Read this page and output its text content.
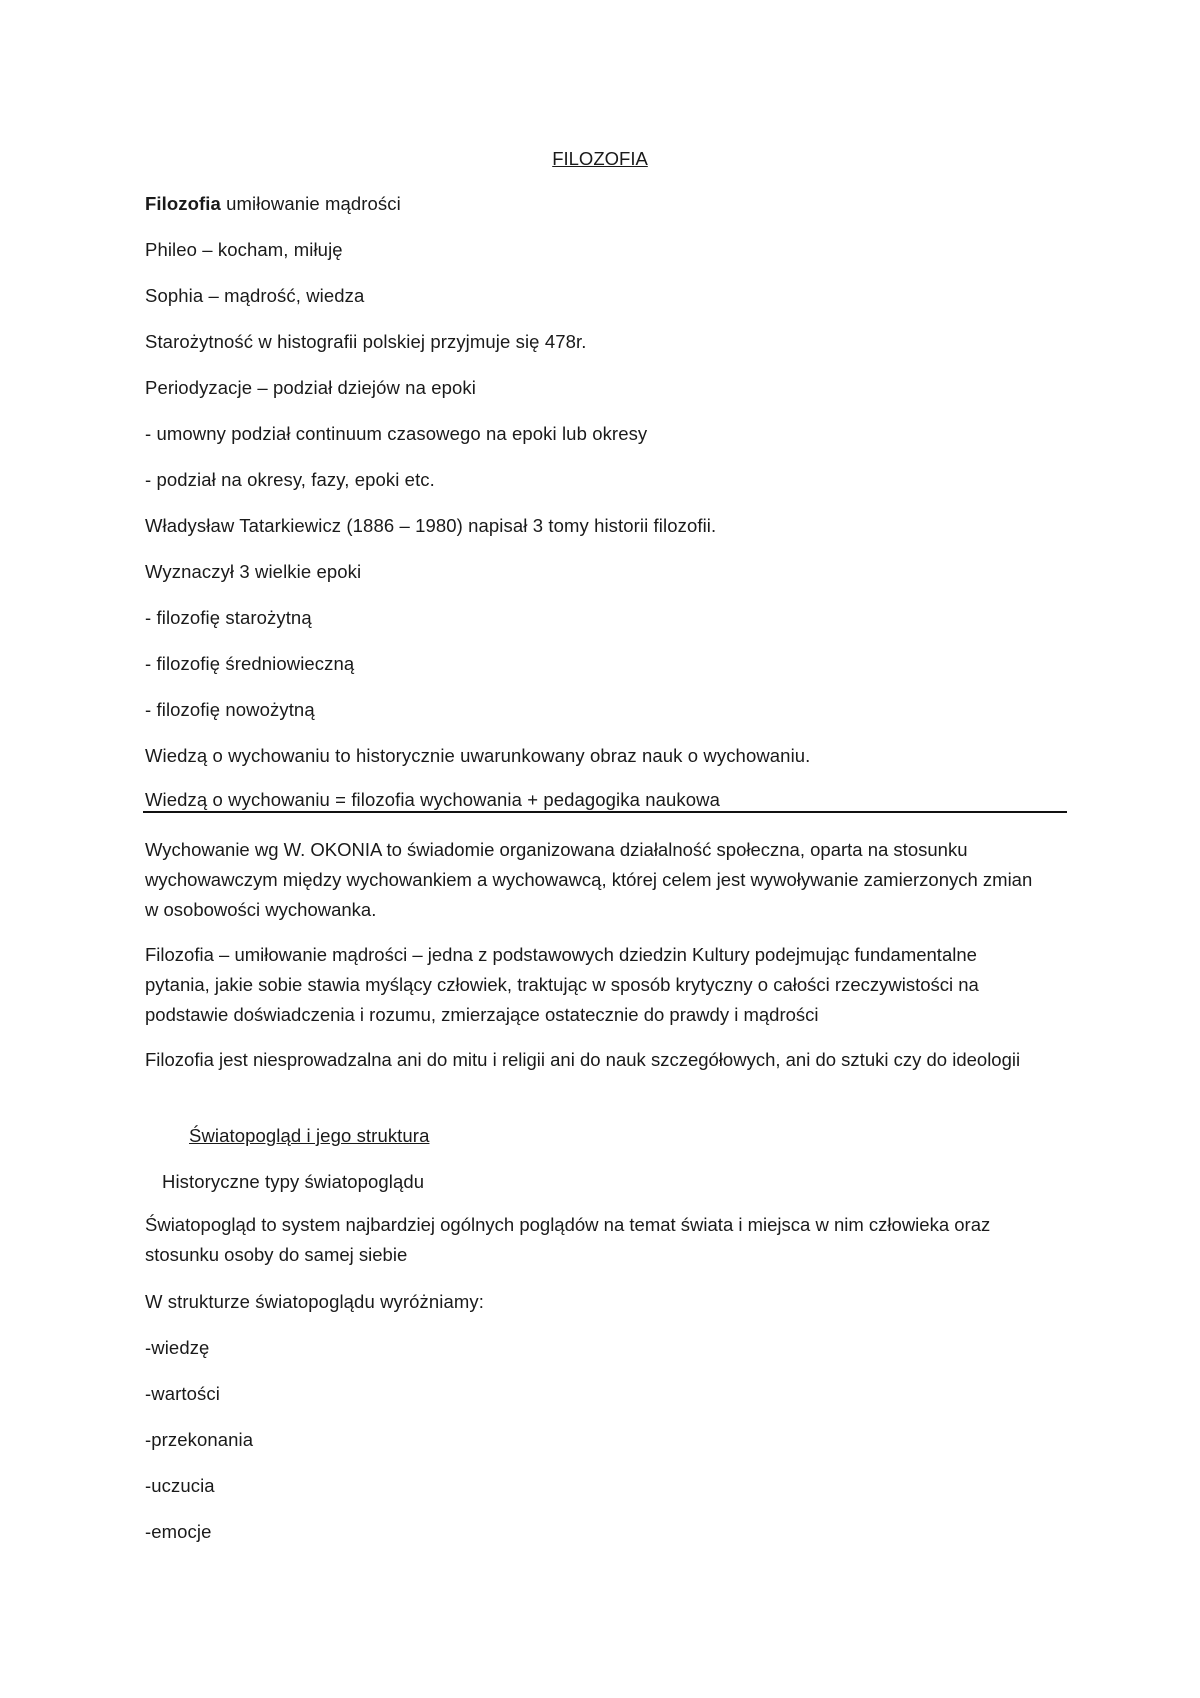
FILOZOFIA
Filozofia umiłowanie mądrości
Phileo – kocham, miłuję
Sophia – mądrość, wiedza
Starożytność w histografii polskiej przyjmuje się 478r.
Periodyzacje – podział dziejów na epoki
- umowny podział continuum czasowego na epoki lub okresy
- podział na okresy, fazy, epoki etc.
Władysław Tatarkiewicz (1886 – 1980) napisał 3 tomy historii filozofii.
Wyznaczył 3 wielkie epoki
- filozofię starożytną
- filozofię średniowieczną
- filozofię nowożytną
Wiedzą o wychowaniu to historycznie uwarunkowany obraz nauk o wychowaniu.
Wiedzą o wychowaniu = filozofia wychowania + pedagogika naukowa
Wychowanie wg W. OKONIA to świadomie organizowana działalność społeczna, oparta na stosunku wychowawczym między wychowankiem a wychowawcą, której celem jest wywoływanie zamierzonych zmian w osobowości wychowanka.
Filozofia – umiłowanie mądrości – jedna z podstawowych dziedzin Kultury podejmując fundamentalne pytania, jakie sobie stawia myślący człowiek, traktując w sposób krytyczny o całości rzeczywistości na podstawie doświadczenia i rozumu, zmierzające ostatecznie do prawdy i mądrości
Filozofia jest niesprowadzalna ani do mitu i religii ani do nauk szczegółowych, ani do sztuki czy do ideologii
Światopogląd i jego struktura
Historyczne typy światopoglądu
Światopogląd to system najbardziej ogólnych poglądów na temat świata i miejsca w nim człowieka oraz stosunku osoby do samej siebie
W strukturze światopoglądu wyróżniamy:
-wiedzę
-wartości
-przekonania
-uczucia
-emocje
